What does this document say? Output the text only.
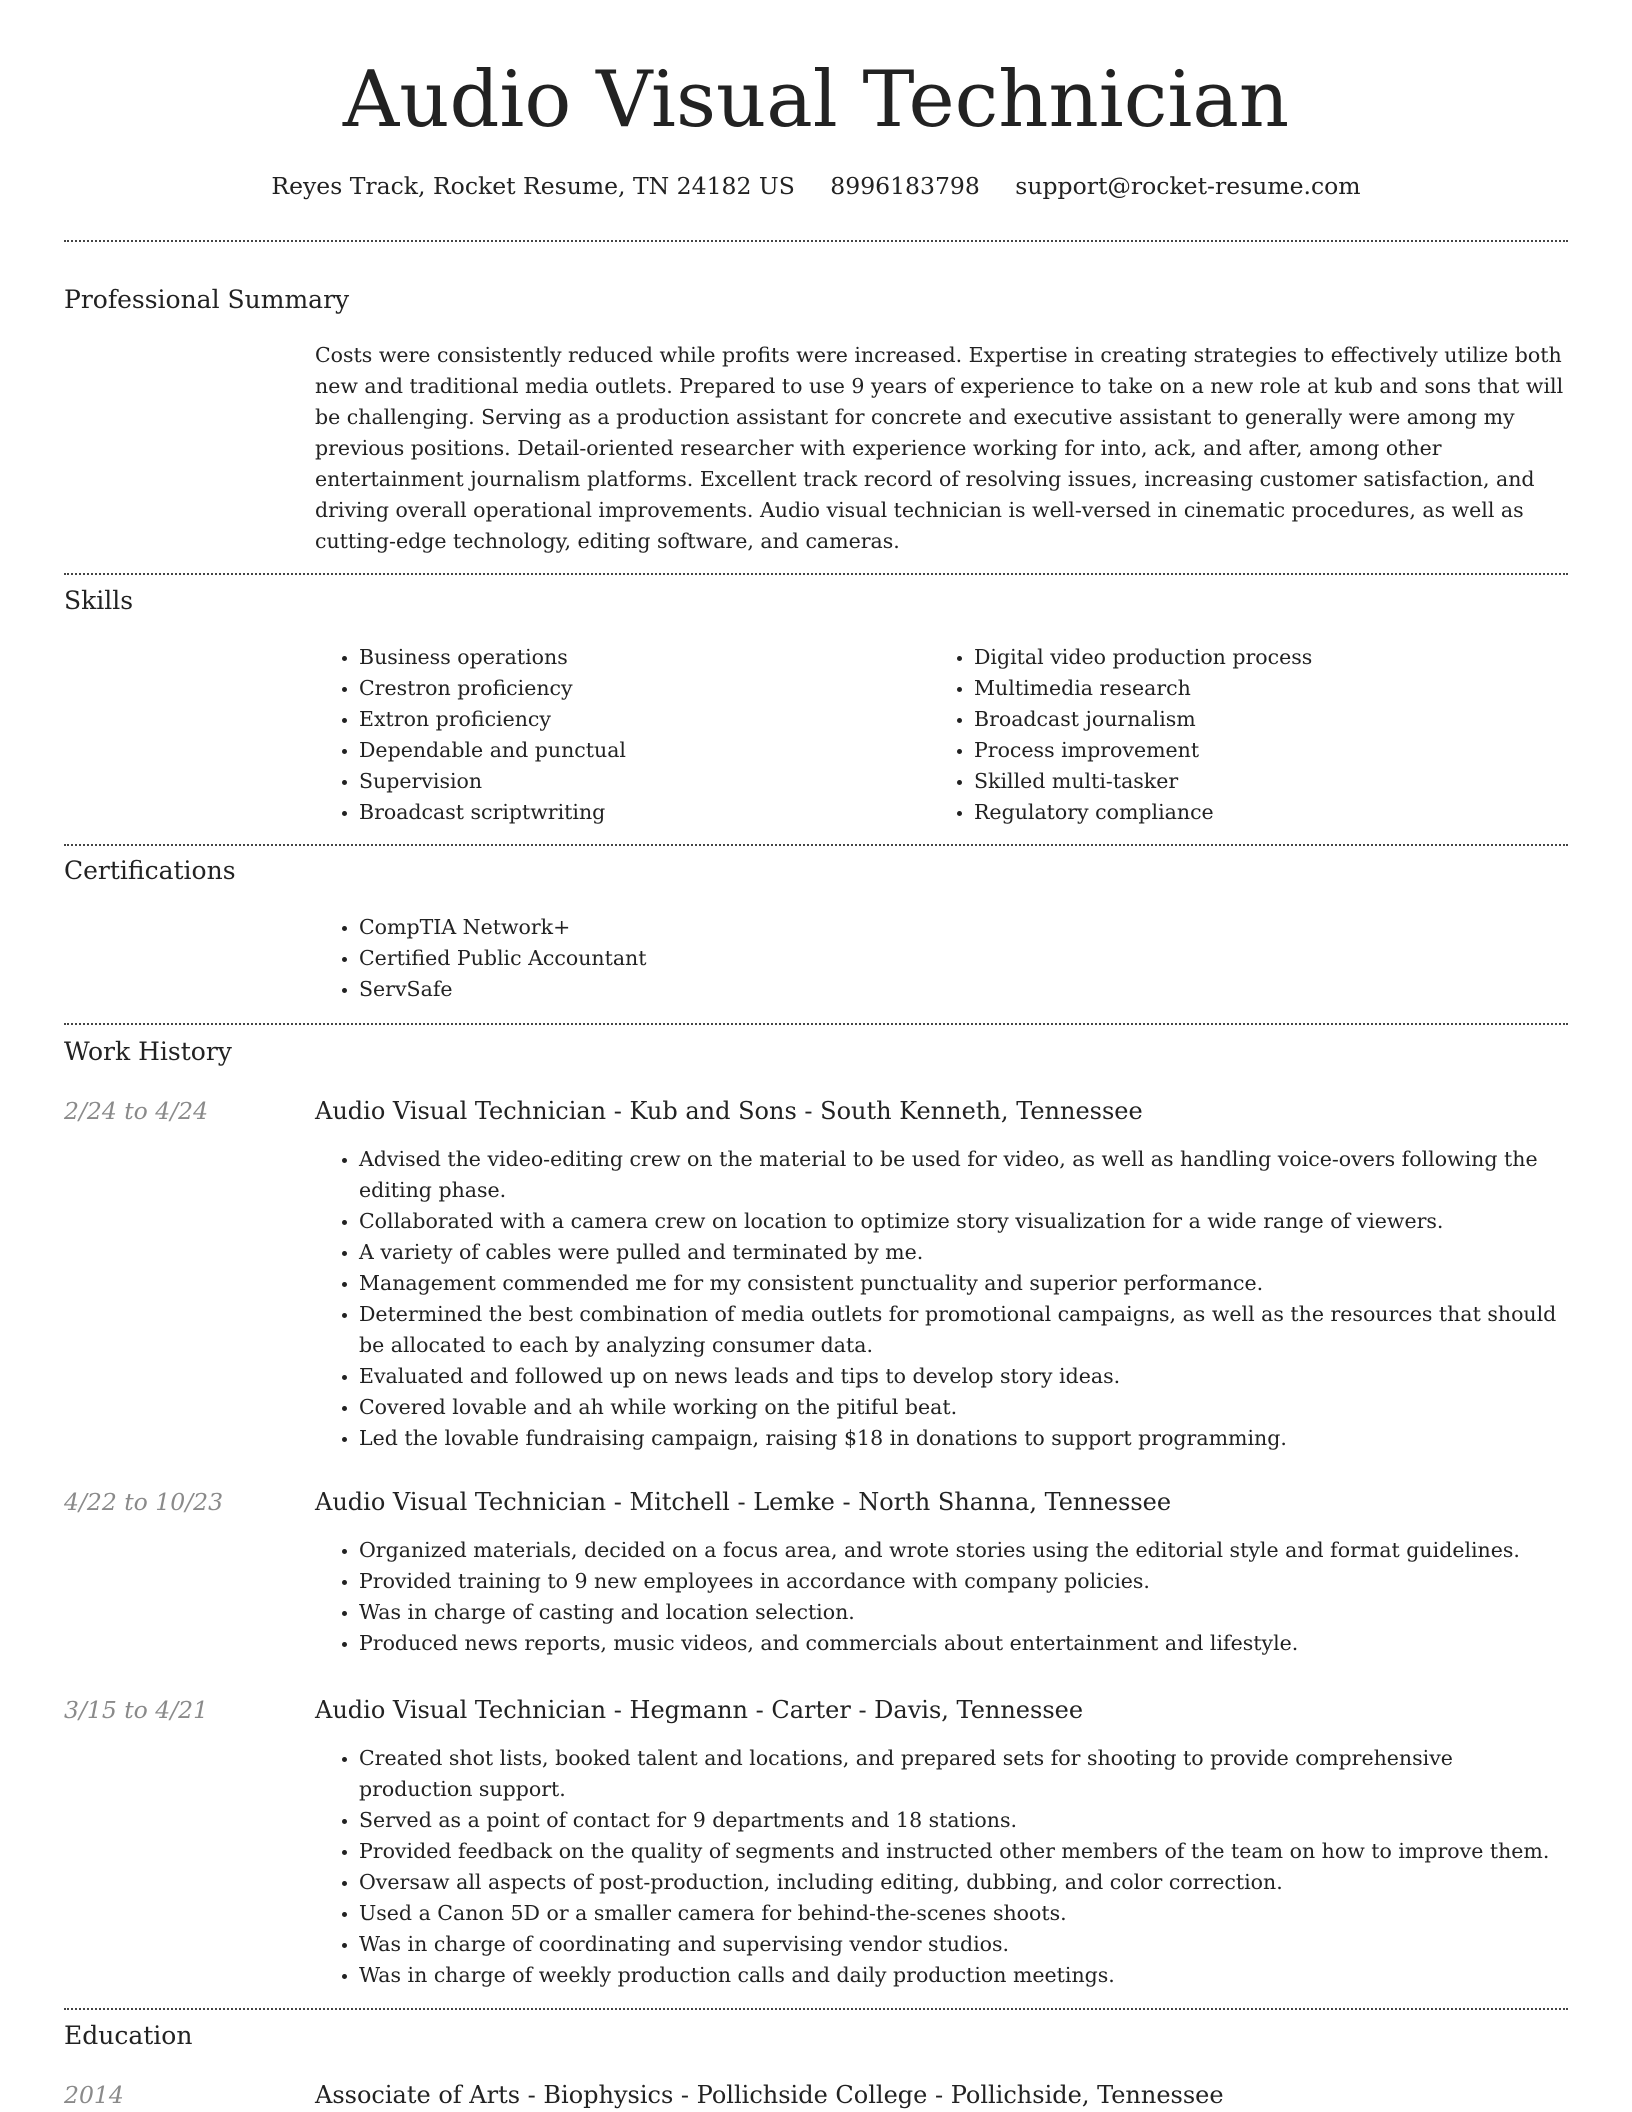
Audio Visual Technician
Reyes Track, Rocket Resume, TN 24182 US 8996183798 support@rocket-resume.com
Professional Summary
Costs were consistently reduced while profits were increased. Expertise in creating strategies to effectively utilize both new and traditional media outlets. Prepared to use 9 years of experience to take on a new role at kub and sons that will be challenging. Serving as a production assistant for concrete and executive assistant to generally were among my previous positions. Detail-oriented researcher with experience working for into, ack, and after, among other entertainment journalism platforms. Excellent track record of resolving issues, increasing customer satisfaction, and driving overall operational improvements. Audio visual technician is well-versed in cinematic procedures, as well as cutting-edge technology, editing software, and cameras.
Skills
• Business operations
• Crestron proficiency
• Extron proficiency
• Dependable and punctual
• Supervision
• Broadcast scriptwriting
• Digital video production process
• Multimedia research
• Broadcast journalism
• Process improvement
• Skilled multi-tasker
• Regulatory compliance
Certifications
• CompTIA Network+
• Certified Public Accountant
• ServSafe
Work History
2/24 to 4/24	Audio Visual Technician - Kub and Sons - South Kenneth, Tennessee
• Advised the video-editing crew on the material to be used for video, as well as handling voice-overs following the editing phase.
• Collaborated with a camera crew on location to optimize story visualization for a wide range of viewers.
• A variety of cables were pulled and terminated by me.
• Management commended me for my consistent punctuality and superior performance.
• Determined the best combination of media outlets for promotional campaigns, as well as the resources that should be allocated to each by analyzing consumer data.
• Evaluated and followed up on news leads and tips to develop story ideas.
• Covered lovable and ah while working on the pitiful beat.
• Led the lovable fundraising campaign, raising $18 in donations to support programming.
4/22 to 10/23	Audio Visual Technician - Mitchell - Lemke - North Shanna, Tennessee
• Organized materials, decided on a focus area, and wrote stories using the editorial style and format guidelines.
• Provided training to 9 new employees in accordance with company policies.
• Was in charge of casting and location selection.
• Produced news reports, music videos, and commercials about entertainment and lifestyle.
3/15 to 4/21	Audio Visual Technician - Hegmann - Carter - Davis, Tennessee
• Created shot lists, booked talent and locations, and prepared sets for shooting to provide comprehensive production support.
• Served as a point of contact for 9 departments and 18 stations.
• Provided feedback on the quality of segments and instructed other members of the team on how to improve them.
• Oversaw all aspects of post-production, including editing, dubbing, and color correction.
• Used a Canon 5D or a smaller camera for behind-the-scenes shoots.
• Was in charge of coordinating and supervising vendor studios.
• Was in charge of weekly production calls and daily production meetings.
Education
2014	Associate of Arts - Biophysics - Pollichside College - Pollichside, Tennessee
